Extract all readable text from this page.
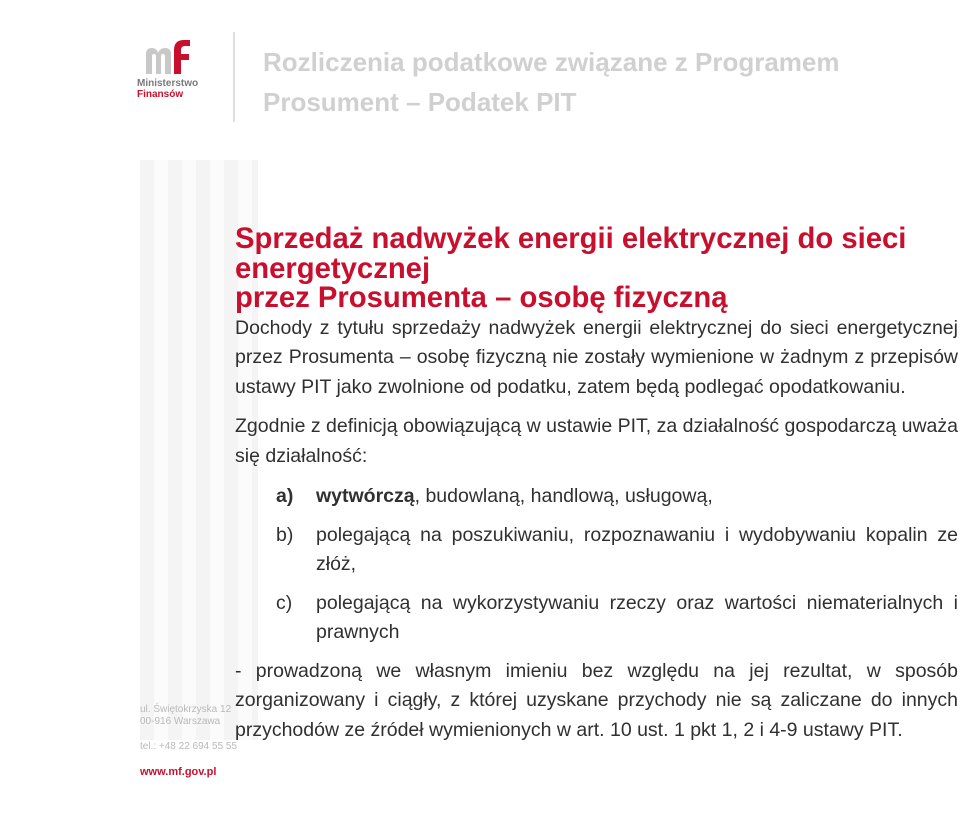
Ministerstwo
Finansów
Rozliczenia podatkowe związane z Programem
Prosument – Podatek PIT
ul. Świętokrzyska 12
00-916 Warszawa
tel.: +48 22 694 55 55
www.mf.gov.pl
Sprzedaż nadwyżek energii elektrycznej do sieci energetycznej
przez Prosumenta – osobę fizyczną

Dochody z tytułu sprzedaży nadwyżek energii elektrycznej do sieci energetycznej przez Prosumenta – osobę fizyczną nie zostały wymienione w żadnym z przepisów ustawy PIT jako zwolnione od podatku, zatem będą podlegać opodatkowaniu.

Zgodnie z definicją obowiązującą w ustawie PIT, za działalność gospodarczą uważa się działalność:

a)	wytwórczą, budowlaną, handlową, usługową,
b)	polegającą na poszukiwaniu, rozpoznawaniu i wydobywaniu kopalin ze złóż,
c)	polegającą na wykorzystywaniu rzeczy oraz wartości niematerialnych i prawnych

- prowadzoną we własnym imieniu bez względu na jej rezultat, w sposób zorganizowany i ciągły, z której uzyskane przychody nie są zaliczane do innych przychodów ze źródeł wymienionych w art. 10 ust. 1 pkt 1, 2 i 4-9 ustawy PIT.
